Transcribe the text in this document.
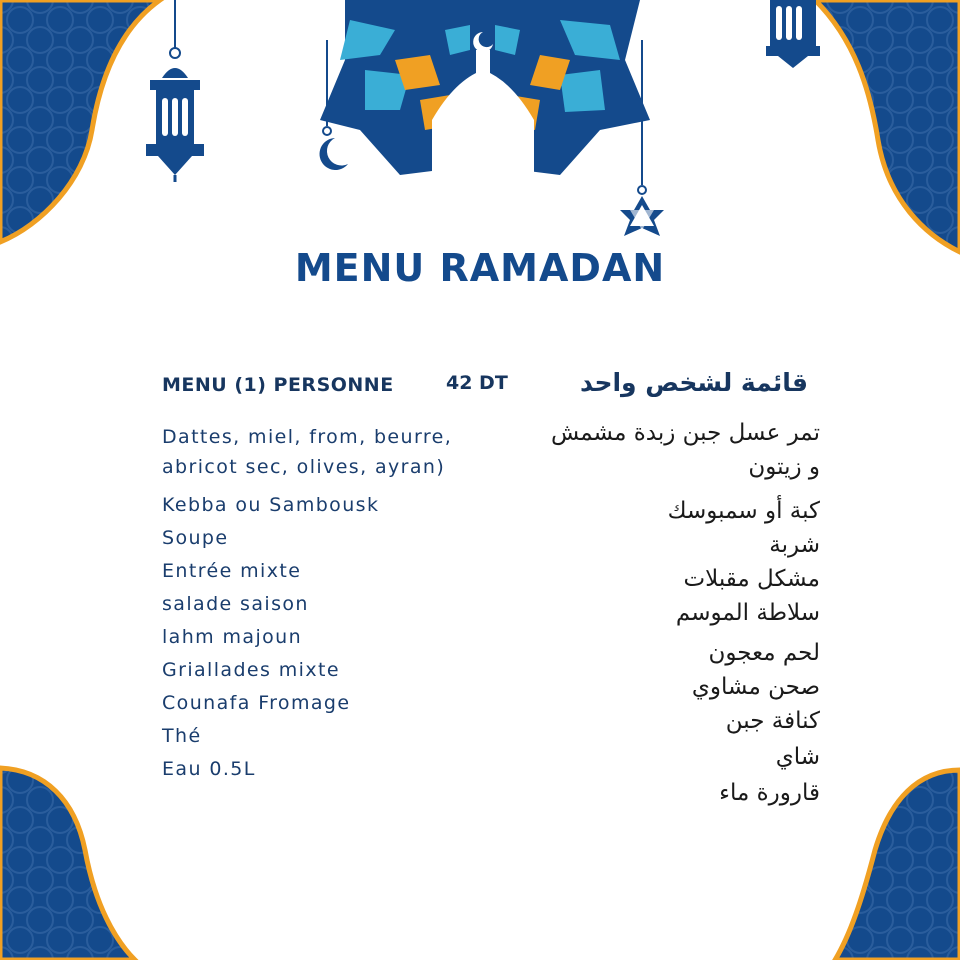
MENU RAMADAN
MENU (1) PERSONNE	42 DT	قائمة لشخص واحد
Dattes, miel, from, beurre,
abricot sec, olives, ayran)
Kebba ou Sambousk
Soupe
Entrée mixte
salade saison
lahm majoun
Griallades mixte
Counafa Fromage
Thé
Eau 0.5L
تمر عسل جبن زبدة مشمش
و زيتون
كبة أو سمبوسك
شربة
مشكل مقبلات
سلاطة الموسم
لحم معجون
صحن مشاوي
كنافة جبن
شاي
قارورة ماء
